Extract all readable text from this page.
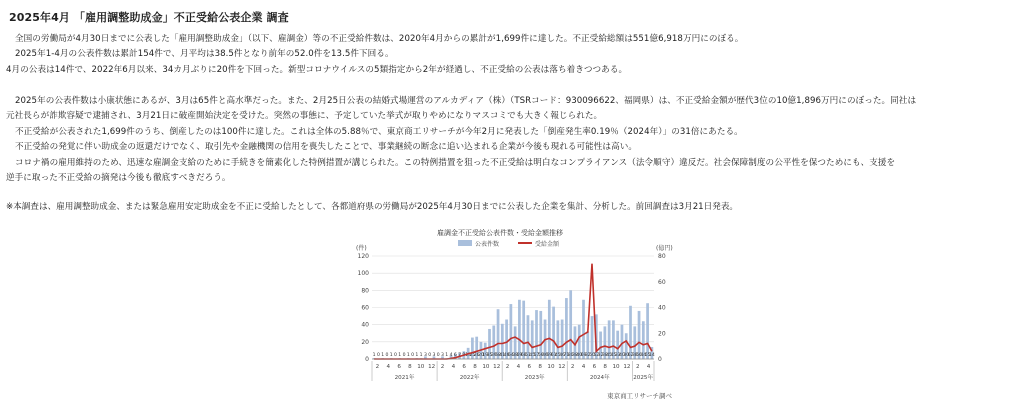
2025年4月 「雇用調整助成金」不正受給公表企業 調査

全国の労働局が4月30日までに公表した「雇用調整助成金」（以下、雇調金）等の不正受給件数は、2020年4月からの累計が1,699件に達した。不正受給総額は551億6,918万円にのぼる。

2025年1-4月の公表件数は累計154件で、月平均は38.5件となり前年の52.0件を13.5件下回る。

4月の公表は14件で、2022年6月以来、34カ月ぶりに20件を下回った。新型コロナウイルスの5類指定から2年が経過し、不正受給の公表は落ち着きつつある。

2025年の公表件数は小康状態にあるが、3月は65件と高水準だった。また、2月25日公表の結婚式場運営のアルカディア（株）（TSRコード：930096622、福岡県）は、不正受給金額が歴代3位の10億1,896万円にのぼった。同社は

元社長らが詐欺容疑で逮捕され、3月21日に破産開始決定を受けた。突然の事態に、予定していた挙式が取りやめになりマスコミでも大きく報じられた。

不正受給が公表された1,699件のうち、倒産したのは100件に達した。これは全体の5.88％で、東京商工リサーチが今年2月に発表した「倒産発生率0.19％（2024年）」の31倍にあたる。

不正受給の発覚に伴い助成金の返還だけでなく、取引先や金融機関の信用を喪失したことで、事業継続の断念に追い込まれる企業が今後も現れる可能性は高い。

コロナ禍の雇用維持のため、迅速な雇調金支給のために手続きを簡素化した特例措置が講じられた。この特例措置を狙った不正受給は明白なコンプライアンス（法令順守）違反だ。社会保障制度の公平性を保つためにも、支援を

逆手に取った不正受給の摘発は今後も徹底すべきだろう。

※本調査は、雇用調整助成金、または緊急雇用安定助成金を不正に受給したとして、各都道府県の労働局が2025年4月30日までに公表した企業を集計、分析した。前回調査は3月21日発表。
雇調金不正受給公表件数・受給金額推移
公表件数	受給金額
(件)	(億円)
1 0 1 0 1 0 1 0 1 0 1 1 3 0 3 0 3 1 4 6 7 9 13
25
26
20
19
35
39
58
41
46
64
38
69
68
51
45
57
56
46
69
61
45
46
71
80
38
40
69
32
50
52
32
38
45
45
33
40
30
62
38
56
44
65
14
0
20
40
60
80
100
120
0
20
40
60
80
2 4 6 8 10 12 2 4 6 8 10 12 2 4 6 8 10 12 2 4 6 8 10 12 2 4
2021年	2022年	2023年	2024年	2025年
東京商工リサーチ調べ
